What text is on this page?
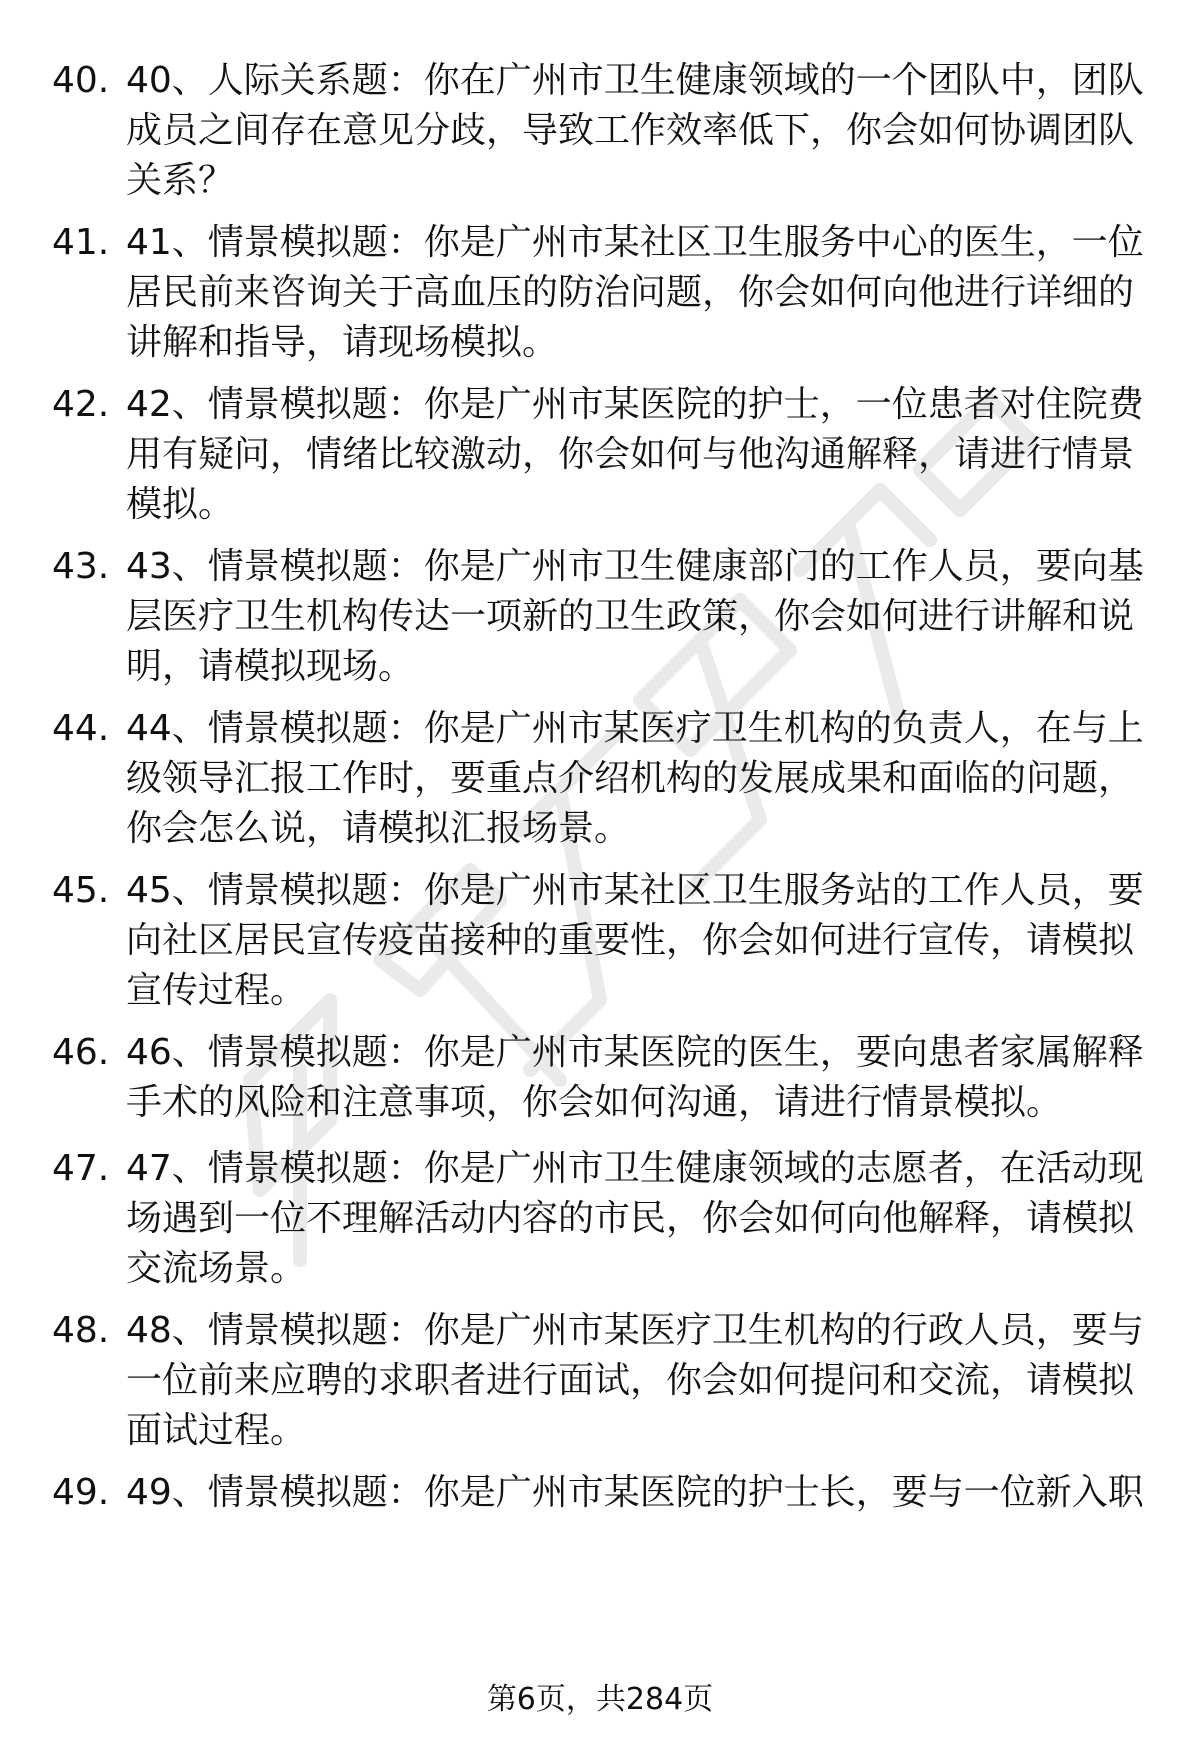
40. 40、人际关系题：你在广州市卫生健康领域的一个团队中，团队成员之间存在意见分歧，导致工作效率低下，你会如何协调团队关系？
41. 41、情景模拟题：你是广州市某社区卫生服务中心的医生，一位居民前来咨询关于高血压的防治问题，你会如何向他进行详细的讲解和指导，请现场模拟。
42. 42、情景模拟题：你是广州市某医院的护士，一位患者对住院费用有疑问，情绪比较激动，你会如何与他沟通解释，请进行情景模拟。
43. 43、情景模拟题：你是广州市卫生健康部门的工作人员，要向基层医疗卫生机构传达一项新的卫生政策，你会如何进行讲解和说明，请模拟现场。
44. 44、情景模拟题：你是广州市某医疗卫生机构的负责人，在与上级领导汇报工作时，要重点介绍机构的发展成果和面临的问题，你会怎么说，请模拟汇报场景。
45. 45、情景模拟题：你是广州市某社区卫生服务站的工作人员，要向社区居民宣传疫苗接种的重要性，你会如何进行宣传，请模拟宣传过程。
46. 46、情景模拟题：你是广州市某医院的医生，要向患者家属解释手术的风险和注意事项，你会如何沟通，请进行情景模拟。
47. 47、情景模拟题：你是广州市卫生健康领域的志愿者，在活动现场遇到一位不理解活动内容的市民，你会如何向他解释，请模拟交流场景。
48. 48、情景模拟题：你是广州市某医疗卫生机构的行政人员，要与一位前来应聘的求职者进行面试，你会如何提问和交流，请模拟面试过程。
49. 49、情景模拟题：你是广州市某医院的护士长，要与一位新入职
第6页，共284页
